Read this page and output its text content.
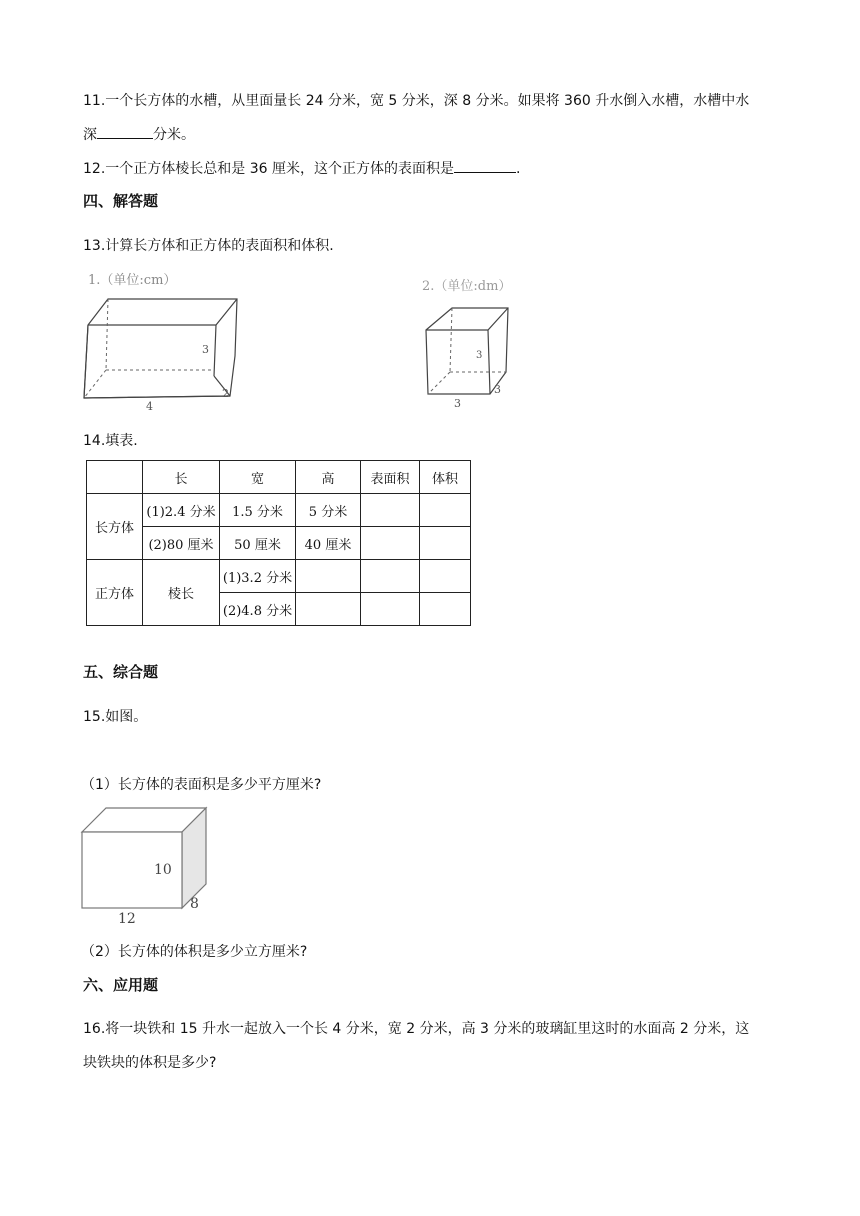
11.一个长方体的水槽，从里面量长 24 分米，宽 5 分米，深 8 分米。如果将 360 升水倒入水槽，水槽中水
深	分米。
12.一个正方体棱长总和是 36 厘米，这个正方体的表面积是	.
四、解答题
13.计算长方体和正方体的表面积和体积.
1.（单位:cm）
3
4
2
2.（单位:dm）
3
3
3
14.填表.
	长	宽	高	表面积	体积
长方体	(1)2.4 分米	1.5 分米	5 分米		
	(2)80 厘米	50 厘米	40 厘米		
正方体	棱长	(1)3.2 分米			
		(2)4.8 分米			
五、综合题
15.如图。
（1）长方体的表面积是多少平方厘米?
10
12
8
（2）长方体的体积是多少立方厘米?
六、应用题
16.将一块铁和 15 升水一起放入一个长 4 分米，宽 2 分米，高 3 分米的玻璃缸里这时的水面高 2 分米，这
块铁块的体积是多少?
